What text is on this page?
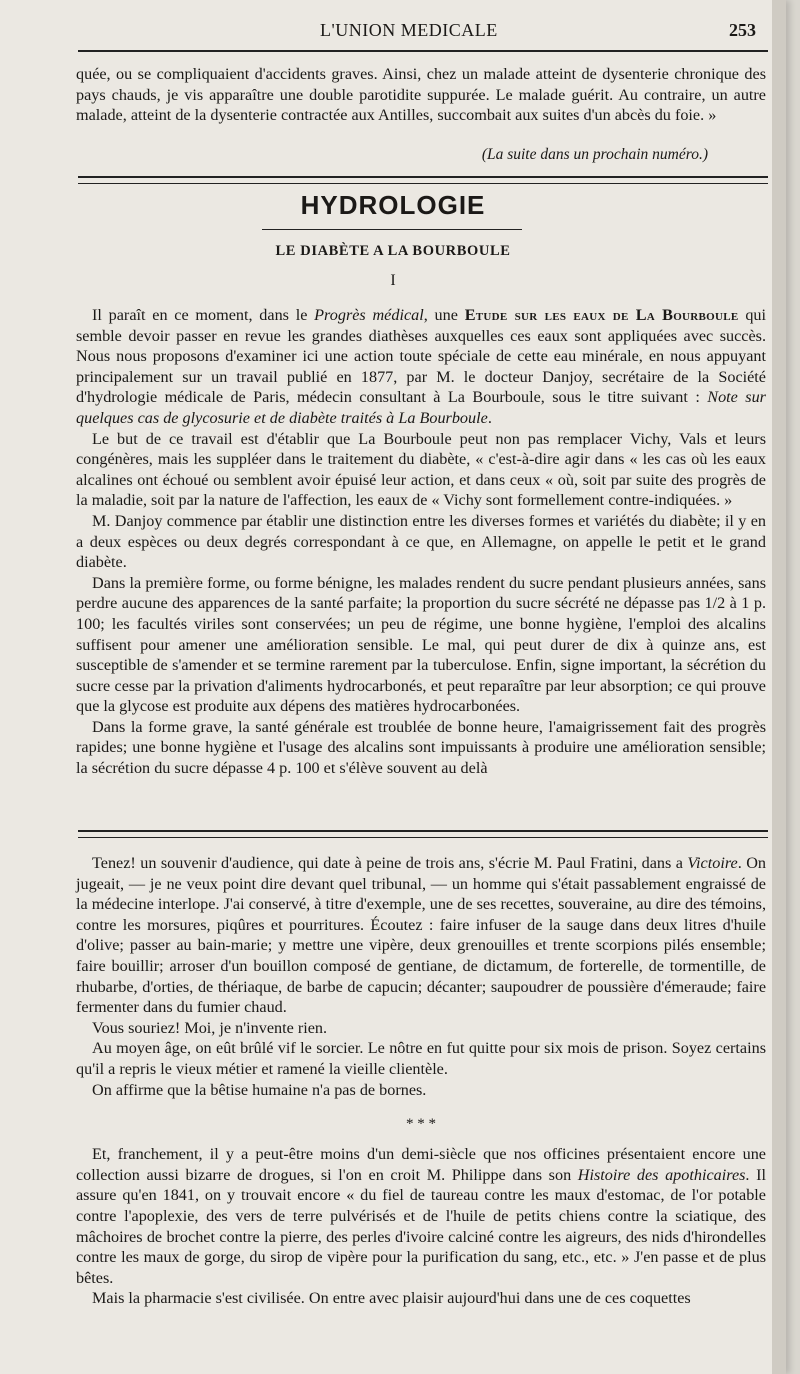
L'UNION MEDICALE	253

quée, ou se compliquaient d'accidents graves. Ainsi, chez un malade atteint de dysenterie chronique des pays chauds, je vis apparaître une double parotidite suppurée. Le malade guérit. Au contraire, un autre malade, atteint de la dysenterie contractée aux Antilles, succombait aux suites d'un abcès du foie. »

(La suite dans un prochain numéro.)
HYDROLOGIE
LE DIABÈTE A LA BOURBOULE
I

Il paraît en ce moment, dans le Progrès médical, une Etude sur les eaux de La Bourboule qui semble devoir passer en revue les grandes diathèses auxquelles ces eaux sont appliquées avec succès. Nous nous proposons d'examiner ici une action toute spéciale de cette eau minérale, en nous appuyant principalement sur un travail publié en 1877, par M. le docteur Danjoy, secrétaire de la Société d'hydrologie médicale de Paris, médecin consultant à La Bourboule, sous le titre suivant : Note sur quelques cas de glycosurie et de diabète traités à La Bourboule.

Le but de ce travail est d'établir que La Bourboule peut non pas remplacer Vichy, Vals et leurs congénères, mais les suppléer dans le traitement du diabète, « c'est-à-dire agir dans « les cas où les eaux alcalines ont échoué ou semblent avoir épuisé leur action, et dans ceux « où, soit par suite des progrès de la maladie, soit par la nature de l'affection, les eaux de « Vichy sont formellement contre-indiquées. »

M. Danjoy commence par établir une distinction entre les diverses formes et variétés du diabète; il y en a deux espèces ou deux degrés correspondant à ce que, en Allemagne, on appelle le petit et le grand diabète.

Dans la première forme, ou forme bénigne, les malades rendent du sucre pendant plusieurs années, sans perdre aucune des apparences de la santé parfaite; la proportion du sucre sécrété ne dépasse pas 1/2 à 1 p. 100; les facultés viriles sont conservées; un peu de régime, une bonne hygiène, l'emploi des alcalins suffisent pour amener une amélioration sensible. Le mal, qui peut durer de dix à quinze ans, est susceptible de s'amender et se termine rarement par la tuberculose. Enfin, signe important, la sécrétion du sucre cesse par la privation d'aliments hydrocarbonés, et peut reparaître par leur absorption; ce qui prouve que la glycose est produite aux dépens des matières hydrocarbonées.

Dans la forme grave, la santé générale est troublée de bonne heure, l'amaigrissement fait des progrès rapides; une bonne hygiène et l'usage des alcalins sont impuissants à produire une amélioration sensible; la sécrétion du sucre dépasse 4 p. 100 et s'élève souvent au delà

Tenez! un souvenir d'audience, qui date à peine de trois ans, s'écrie M. Paul Fratini, dans a Victoire. On jugeait, — je ne veux point dire devant quel tribunal, — un homme qui s'était passablement engraissé de la médecine interlope. J'ai conservé, à titre d'exemple, une de ses recettes, souveraine, au dire des témoins, contre les morsures, piqûres et pourritures. Écoutez : faire infuser de la sauge dans deux litres d'huile d'olive; passer au bain-marie; y mettre une vipère, deux grenouilles et trente scorpions pilés ensemble; faire bouillir; arroser d'un bouillon composé de gentiane, de dictamum, de forterelle, de tormentille, de rhubarbe, d'orties, de thériaque, de barbe de capucin; décanter; saupoudrer de poussière d'émeraude; faire fermenter dans du fumier chaud.

Vous souriez! Moi, je n'invente rien.

Au moyen âge, on eût brûlé vif le sorcier. Le nôtre en fut quitte pour six mois de prison. Soyez certains qu'il a repris le vieux métier et ramené la vieille clientèle.

On affirme que la bêtise humaine n'a pas de bornes.

* * *

Et, franchement, il y a peut-être moins d'un demi-siècle que nos officines présentaient encore une collection aussi bizarre de drogues, si l'on en croit M. Philippe dans son Histoire des apothicaires. Il assure qu'en 1841, on y trouvait encore « du fiel de taureau contre les maux d'estomac, de l'or potable contre l'apoplexie, des vers de terre pulvérisés et de l'huile de petits chiens contre la sciatique, des mâchoires de brochet contre la pierre, des perles d'ivoire calciné contre les aigreurs, des nids d'hirondelles contre les maux de gorge, du sirop de vipère pour la purification du sang, etc., etc. » J'en passe et de plus bêtes.

Mais la pharmacie s'est civilisée. On entre avec plaisir aujourd'hui dans une de ces coquettes
